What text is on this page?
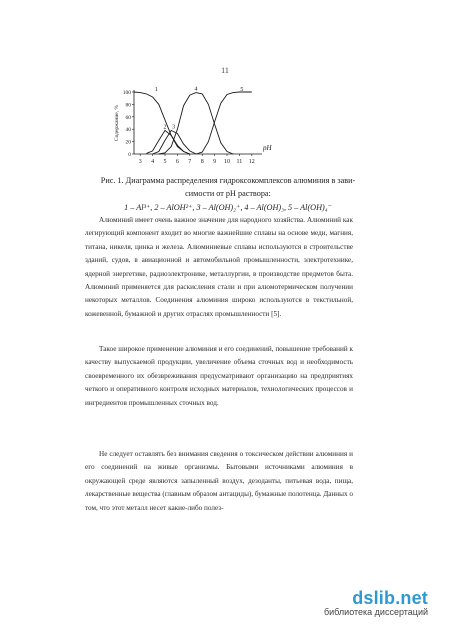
11
3 4 5 6 7 8 9 10 11 12
0
20
40
60
80
100
pH
Содержание, %
1
2 3
4	5
Рис. 1. Диаграмма распределения гидроксокомплексов алюминия в зави-
симости от рН раствора:
1 – Al³⁺, 2 – AlOH²⁺, 3 – Al(OH)₂⁺, 4 – Al(OH)₃, 5 – Al(OH)₄⁻

Алюминий имеет очень важное значение для народного хозяйства. Алюминий как легирующий компонент входит во многие важнейшие сплавы на основе меди, магния, титана, никеля, цинка и железа. Алюминиевые сплавы используются в строительстве зданий, судов, в авиационной и автомобильной промышленности, электротехнике, ядерной энергетике, радиоэлектронике, металлургии, в производстве предметов быта. Алюминий применяется для раскисления стали и при алюмотермическом получении некоторых металлов. Соединения алюминия широко используются в текстильной, кожевенной, бумажной и других отраслях промышленности [5].

Такое широкое применение алюминия и его соединений, повышение требований к качеству выпускаемой продукции, увеличение объема сточных вод и необходимость своевременного их обезвреживания предусматривают организацию на предприятиях четкого и оперативного контроля исходных материалов, технологических процессов и ингредиентов промышленных сточных вод.

Не следует оставлять без внимания сведения о токсическом действии алюминия и его соединений на живые организмы. Бытовыми источниками алюминия в окружающей среде являются запыленный воздух, дезоданты, питьевая вода, пища, лекарственные вещества (главным образом антациды), бумажные полотенца. Данных о том, что этот металл несет какие-либо полез-

dslib.net
библиотека диссертаций
